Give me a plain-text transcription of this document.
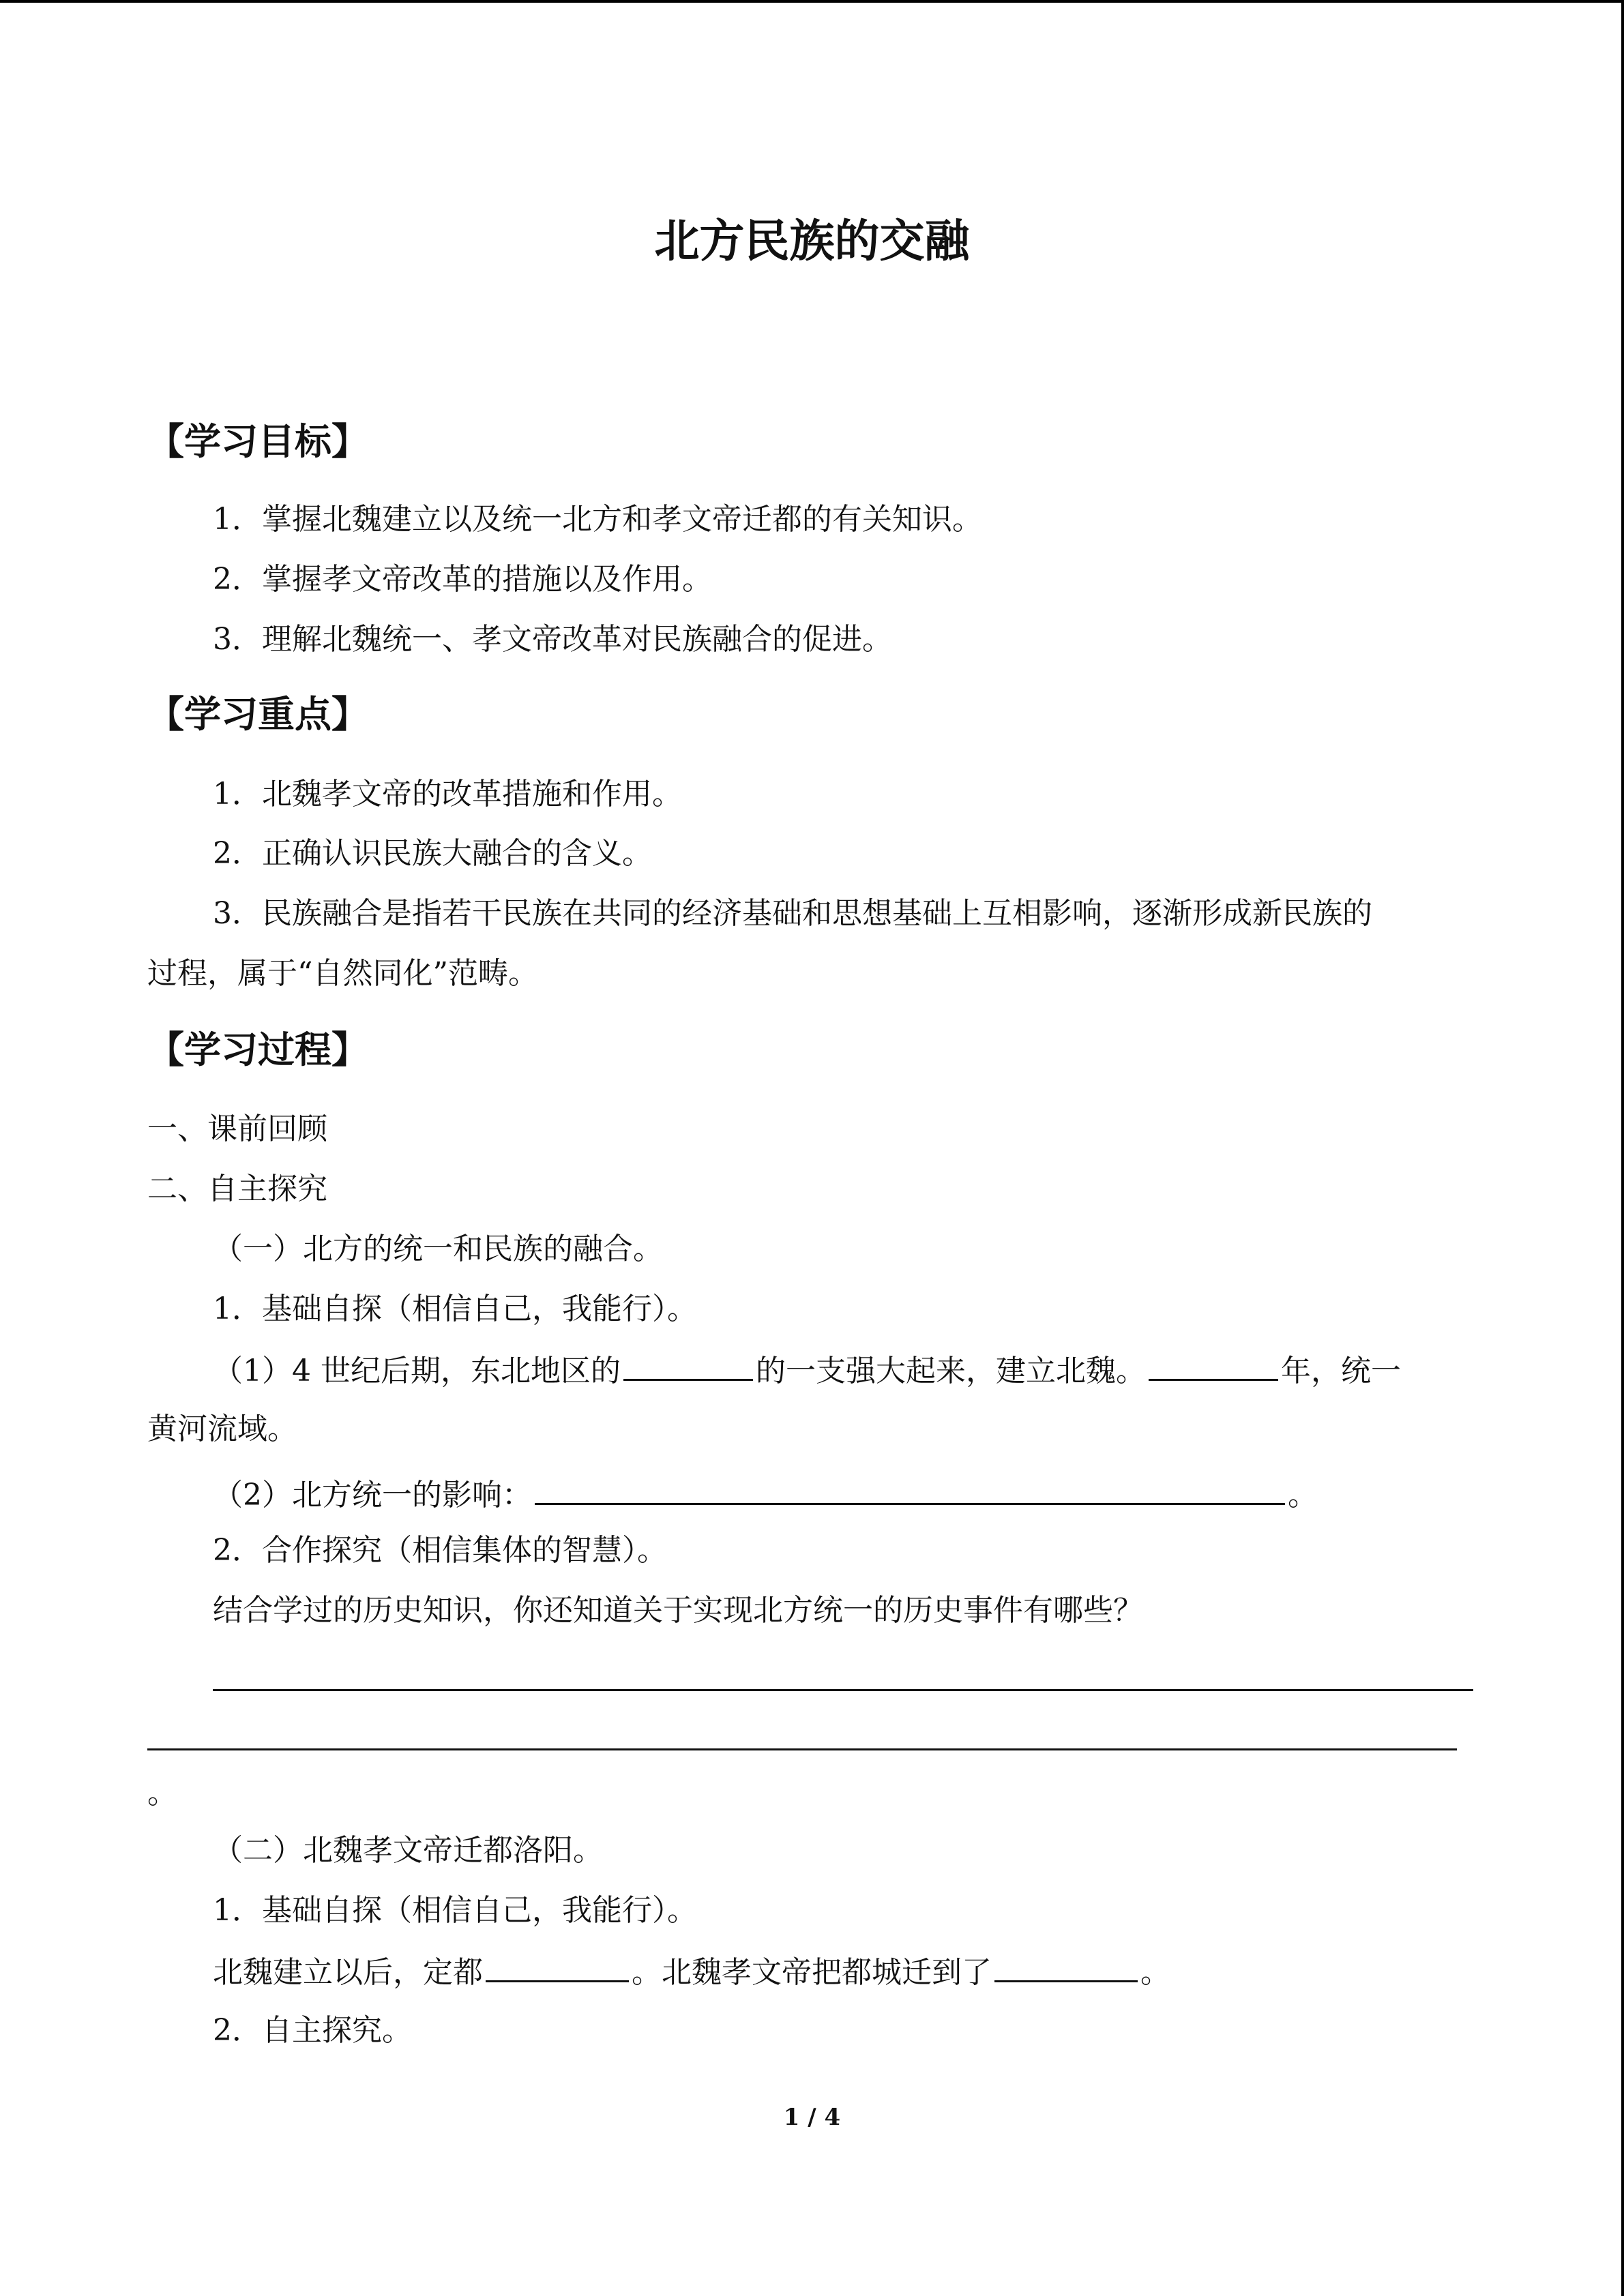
北方民族的交融
【学习目标】
1．掌握北魏建立以及统一北方和孝文帝迁都的有关知识。
2．掌握孝文帝改革的措施以及作用。
3．理解北魏统一、孝文帝改革对民族融合的促进。
【学习重点】
1．北魏孝文帝的改革措施和作用。
2．正确认识民族大融合的含义。
3．民族融合是指若干民族在共同的经济基础和思想基础上互相影响，逐渐形成新民族的
过程，属于“自然同化”范畴。
【学习过程】
一、课前回顾
二、自主探究
（一）北方的统一和民族的融合。
1．基础自探（相信自己，我能行）。
（1）4 世纪后期，东北地区的	的一支强大起来，建立北魏。	年，统一
黄河流域。
（2）北方统一的影响：	。
2．合作探究（相信集体的智慧）。
结合学过的历史知识，你还知道关于实现北方统一的历史事件有哪些？
。
（二）北魏孝文帝迁都洛阳。
1．基础自探（相信自己，我能行）。
北魏建立以后，定都	。北魏孝文帝把都城迁到了	。
2．自主探究。
1 / 4
